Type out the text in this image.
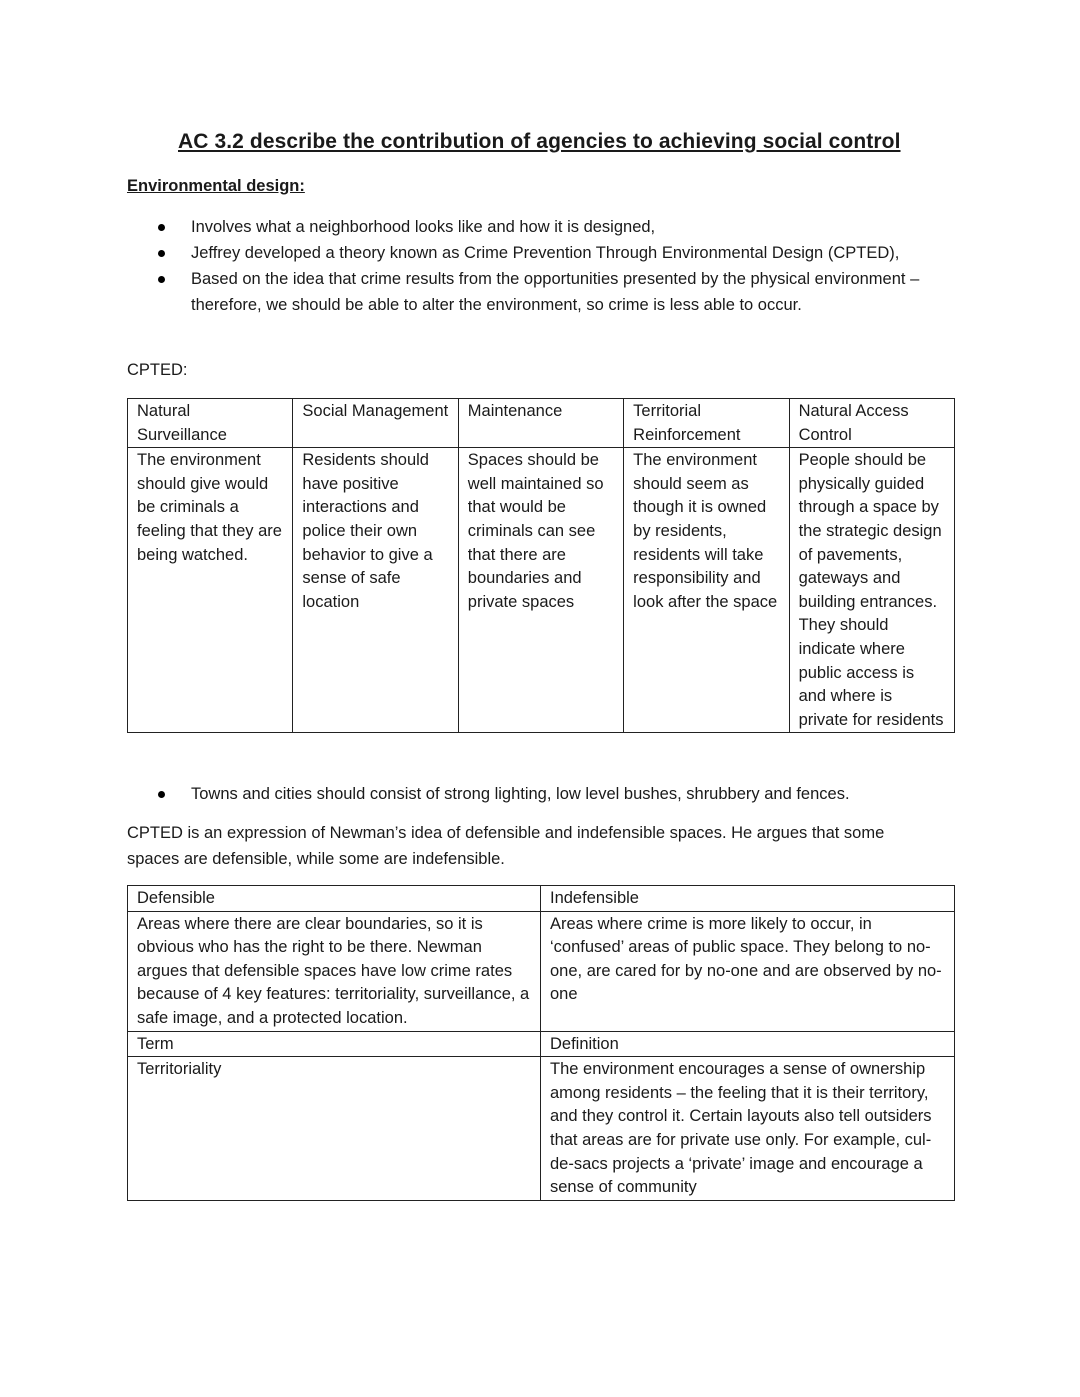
AC 3.2 describe the contribution of agencies to achieving social control
Environmental design:
Involves what a neighborhood looks like and how it is designed,
Jeffrey developed a theory known as Crime Prevention Through Environmental Design (CPTED),
Based on the idea that crime results from the opportunities presented by the physical environment – therefore, we should be able to alter the environment, so crime is less able to occur.

CPTED:

Natural Surveillance	Social Management	Maintenance	Territorial Reinforcement	Natural Access Control
The environment should give would be criminals a feeling that they are being watched.	Residents should have positive interactions and police their own behavior to give a sense of safe location	Spaces should be well maintained so that would be criminals can see that there are boundaries and private spaces	The environment should seem as though it is owned by residents, residents will take responsibility and look after the space	People should be physically guided through a space by the strategic design of pavements, gateways and building entrances. They should indicate where public access is and where is private for residents
Towns and cities should consist of strong lighting, low level bushes, shrubbery and fences.

CPTED is an expression of Newman’s idea of defensible and indefensible spaces. He argues that some spaces are defensible, while some are indefensible.

Defensible	Indefensible
Areas where there are clear boundaries, so it is obvious who has the right to be there. Newman argues that defensible spaces have low crime rates because of 4 key features: territoriality, surveillance, a safe image, and a protected location.	Areas where crime is more likely to occur, in ‘confused’ areas of public space. They belong to no-one, are cared for by no-one and are observed by no-one
Term	Definition
Territoriality	The environment encourages a sense of ownership among residents – the feeling that it is their territory, and they control it. Certain layouts also tell outsiders that areas are for private use only. For example, cul-de-sacs projects a ‘private’ image and encourage a sense of community
